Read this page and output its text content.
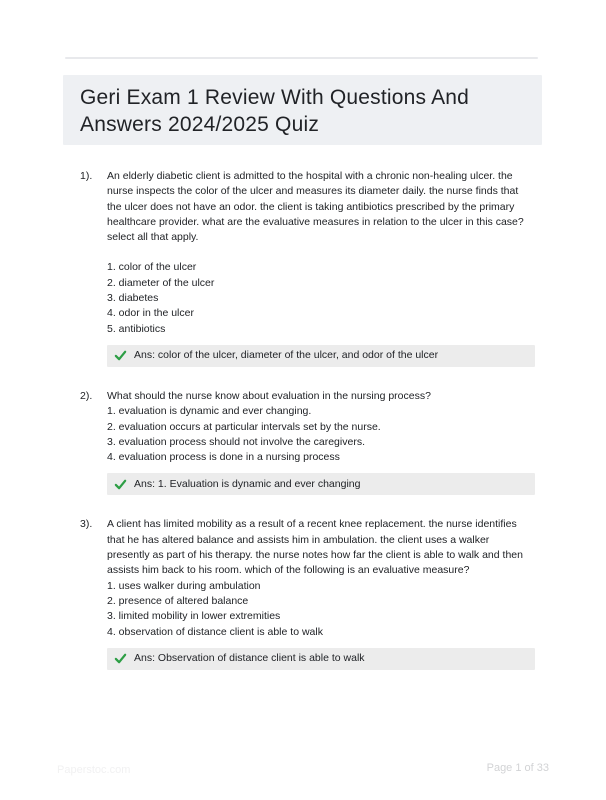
Geri Exam 1 Review With Questions And
Answers 2024/2025 Quiz
1).	An elderly diabetic client is admitted to the hospital with a chronic non-healing ulcer. the
nurse inspects the color of the ulcer and measures its diameter daily. the nurse finds that
the ulcer does not have an odor. the client is taking antibiotics prescribed by the primary
healthcare provider. what are the evaluative measures in relation to the ulcer in this case?
select all that apply.
1. color of the ulcer
2. diameter of the ulcer
3. diabetes
4. odor in the ulcer
5. antibiotics
Ans: color of the ulcer, diameter of the ulcer, and odor of the ulcer
2).	What should the nurse know about evaluation in the nursing process?
1. evaluation is dynamic and ever changing.
2. evaluation occurs at particular intervals set by the nurse.
3. evaluation process should not involve the caregivers.
4. evaluation process is done in a nursing process
Ans: 1. Evaluation is dynamic and ever changing
3).	A client has limited mobility as a result of a recent knee replacement. the nurse identifies
that he has altered balance and assists him in ambulation. the client uses a walker
presently as part of his therapy. the nurse notes how far the client is able to walk and then
assists him back to his room. which of the following is an evaluative measure?
1. uses walker during ambulation
2. presence of altered balance
3. limited mobility in lower extremities
4. observation of distance client is able to walk
Ans: Observation of distance client is able to walk
Paperstoc.com	Page 1 of 33
